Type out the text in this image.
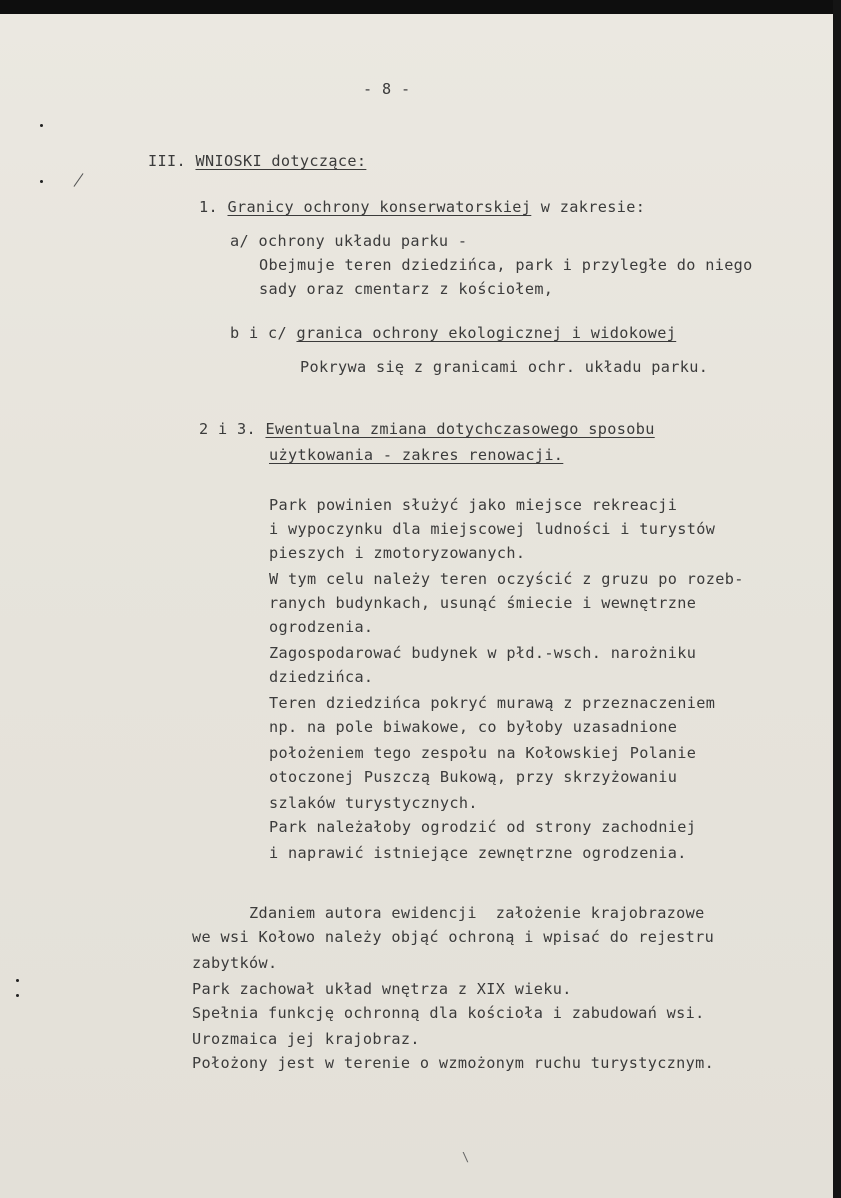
- 8 -
III. WNIOSKI dotyczące:
1. Granicy ochrony konserwatorskiej w zakresie:
a/ ochrony układu parku -
Obejmuje teren dziedzińca, park i przyległe do niego
sady oraz cmentarz z kościołem,
b i c/ granica ochrony ekologicznej i widokowej
Pokrywa się z granicami ochr. układu parku.
2 i 3. Ewentualna zmiana dotychczasowego sposobu
użytkowania - zakres renowacji.
Park powinien służyć jako miejsce rekreacji
i wypoczynku dla miejscowej ludności i turystów
pieszych i zmotoryzowanych.
W tym celu należy teren oczyścić z gruzu po rozeb-
ranych budynkach, usunąć śmiecie i wewnętrzne
ogrodzenia.
Zagospodarować budynek w płd.-wsch. narożniku
dziedzińca.
Teren dziedzińca pokryć murawą z przeznaczeniem
np. na pole biwakowe, co byłoby uzasadnione
położeniem tego zespołu na Kołowskiej Polanie
otoczonej Puszczą Bukową, przy skrzyżowaniu
szlaków turystycznych.
Park należałoby ogrodzić od strony zachodniej
i naprawić istniejące zewnętrzne ogrodzenia.
Zdaniem autora ewidencji  założenie krajobrazowe
we wsi Kołowo należy objąć ochroną i wpisać do rejestru
zabytków.
Park zachował układ wnętrza z XIX wieku.
Spełnia funkcję ochronną dla kościoła i zabudowań wsi.
Urozmaica jej krajobraz.
Położony jest w terenie o wzmożonym ruchu turystycznym.
\
